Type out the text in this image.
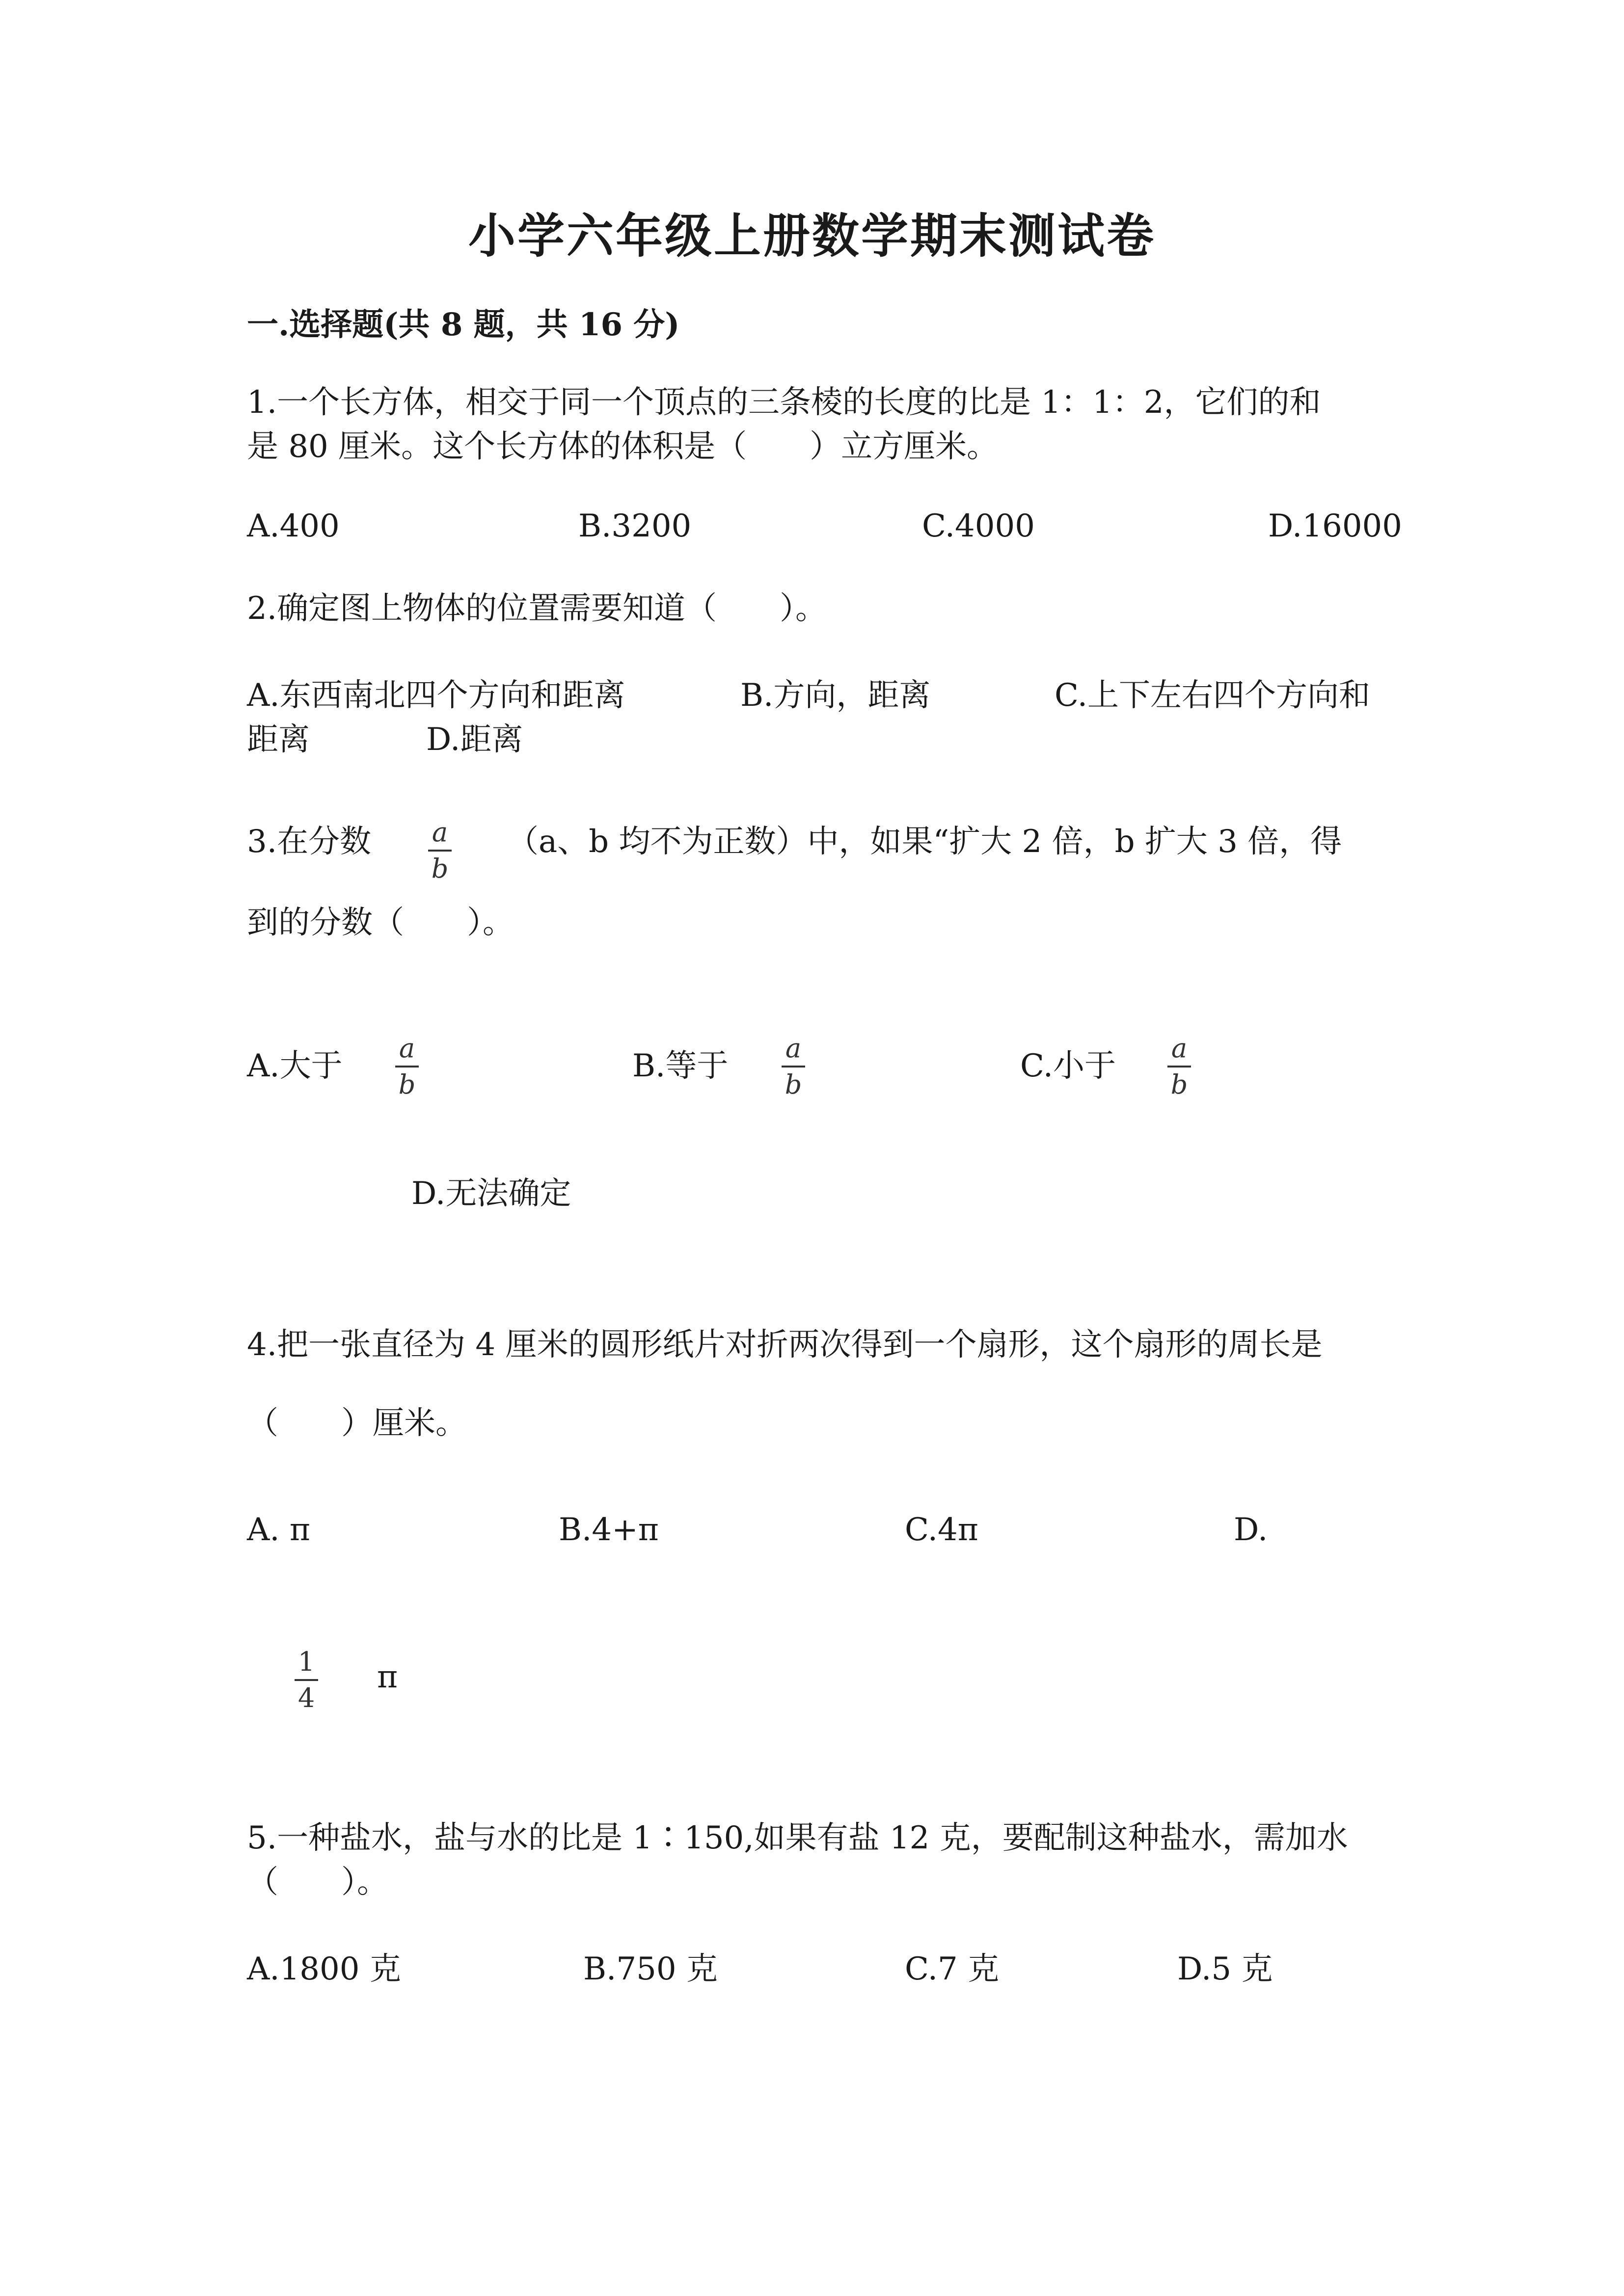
小学六年级上册数学期末测试卷
一.选择题(共 8 题，共 16 分)
1.一个长方体，相交于同一个顶点的三条棱的长度的比是 1：1：2，它们的和
是 80 厘米。这个长方体的体积是（　　）立方厘米。
A.400	B.3200	C.4000	D.16000
2.确定图上物体的位置需要知道（　　）。
A.东西南北四个方向和距离	B.方向，距离	C.上下左右四个方向和
距离	D.距离
3.在分数 a
b
（a、b 均不为正数）中，如果“扩大 2 倍，b 扩大 3 倍，得
到的分数（　　）。
A.大于 a
b
B.等于 a
b
C.小于 a
b
D.无法确定
4.把一张直径为 4 厘米的圆形纸片对折两次得到一个扇形，这个扇形的周长是
（　　）厘米。
A. π	B.4+π	C.4π	D.
1
4
π
5.一种盐水，盐与水的比是 1∶150,如果有盐 12 克，要配制这种盐水，需加水
（　　）。
A.1800 克	B.750 克	C.7 克	D.5 克
